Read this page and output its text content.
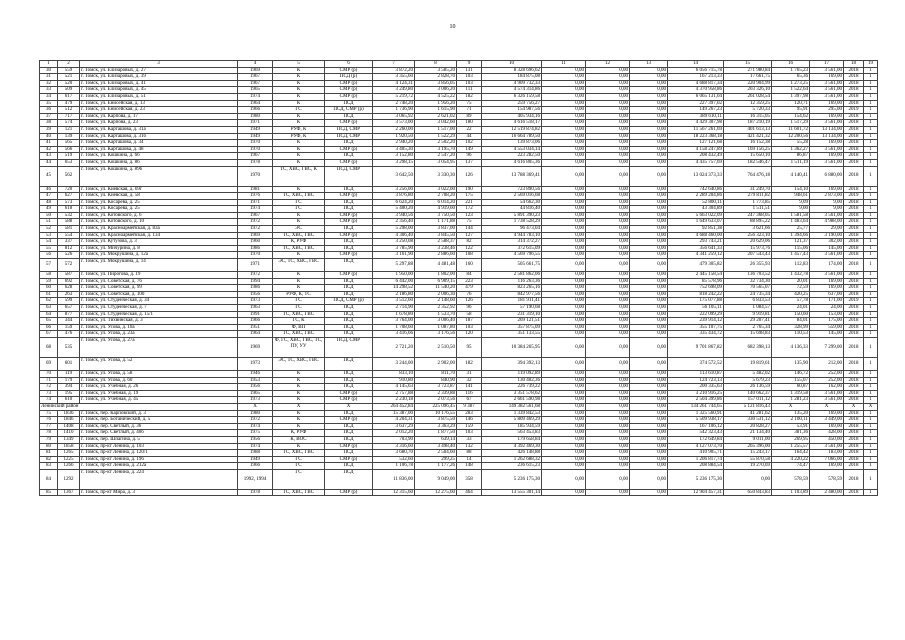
10
1	2	3	4	5	6	7	8	9	10	11	12	13	14	15	16	17	18	19
30	559	г. Томск, ул. Елизаровых, д. 27	1969	К	СМР (р)	3 872,20	3 585,20	131	8 328 696,62	0,00	0,00	0,00	6 056 715,78	271 980,84	1 765,23	3 561,00	2018	1
31	521	г. Томск, ул. Елизаровых, д. 39	1967	К	ПСД (р)	3 355,60	2 828,70	103	184 875,08	0,00	0,00	0,00	167 213,33	17 661,75	65,36	169,00	2018	1
32	520	г. Томск, ул. Елизаровых, д. 41	1967	К	СМР (р)	4 124,31	3 856,05	103	4 909 732,33	0,00	0,00	0,00	4 688 817,34	220 904,99	1 273,25	3 561,00	2018	1
33	509	г. Томск, ул. Елизаровых, д. 45	1965	К	СМР (р)	3 249,80	3 006,20	111	4 574 314,86	0,00	0,00	0,00	4 370 958,86	203 326,10	1 522,64	3 561,00	2018	1
34	617	г. Томск, ул. Елизаровых, д. 51	1974	К	СМР (р)	5 219,72	4 525,22	182	6 326 159,58	0,00	0,00	0,00	6 065 131,04	261 028,54	1 397,98	3 561,00	2018	1
35	479	г. Томск, ул. Енисейская, д. 13	1964	К	ПСД	2 748,20	1 956,20	75	259 756,27	0,00	0,00	0,00	227 397,02	12 359,25	120,71	169,00	2018	1
36	512	г. Томск, ул. Енисейская, д. 23	1966	ГС	ПСД, СМР (р)	1 736,90	1 615,90	71	154 987,56	0,00	0,00	0,00	149 267,23	5 720,33	95,91	295,00	2019	1
37	717	г. Томск, ул. Карпова, д. 17	1980	К	ПСД	3 065,92	2 621,02	89	405 934,16	0,00	0,00	0,00	389 610,11	16 315,05	154,62	169,00	2018	1
38	574	г. Томск, ул. Карпова, д. 23	1971	К	СМР (р)	3 573,00	3 042,60	180	4 616 518,17	0,00	0,00	0,00	4 429 307,98	187 210,19	1 517,29	3 561,00	2018	1
39	121	г. Томск, ул. Карташова, д. 31а	1949	РУФ, К	ПСД, СМР	2 260,00	1 517,00	22	12 519 874,82	0,00	0,00	0,00	11 567 261,69	401 613,13	11 601,72	13 134,00	2018	1
40	139	г. Томск, ул. Карташова, д. 31б	1949	РУФ, К	ПСД, СМР	1 920,50	1 522,29	44	16 664 789,50	0,00	0,00	0,00	18 223 368,18	421 421,32	12 200,56	13 134,00	2018	1
41	565	г. Томск, ул. Карташова, д. 34	1970	К	ПСД	2 940,20	2 502,20	102	139 873,06	0,00	0,00	0,00	127 121,68	16 152,38	55,28	169,00	2018	1
42	566	г. Томск, ул. Карташова, д. 48	1970	К	СМР (р)	3 405,30	3 195,70	149	4 553 034,14	0,00	0,00	0,00	4 158 247,89	169 156,25	1 362,27	3 561,00	2018	1
43	519	г. Томск, ул. Кошкина, д. 66	1967	К	ПСД	3 152,80	2 547,20	96	223 282,50	0,00	0,00	0,00	208 432,49	15 650,10	86,87	169,00	2018	1
44	653	г. Томск, ул. Кошкина, д. 86	1978	К	СМР (р)	3 298,15	3 054,95	137	4 616 805,36	0,00	0,00	0,00	4 435 757,69	182 546,47	1 511,19	3 561,00	2018	1
45	562	г. Томск, ул. Кошкина, д. 89б	1970	ТС, ХВС, ГВС, К	ПСД, СМР	3 642,50	3 330,30	126	13 788 369,41	0,00	0,00	0,00	13 024 373,33	764 476,18	4 140,41	6 880,00	2018	1
46	720	г. Томск, ул. Киевская, д. 69г	1981	К	ПСД	3 256,00	3 022,00	190	723 890,56	0,00	0,00	0,00	742 640,86	31 249,70	154,10	169,00	2018	1
47	627	г. Томск, ул. Киевская, д. 58	1976	ТС, ХВС, ГВС	СМР (р)	3 876,80	2 708,20	175	2 569 016,68	0,00	0,00	0,00	2 289 204,86	279 811,82	948,61	2 873,00	2019	1
48	573	г. Томск, ул. Косарева, д. 25	1971	ГС	ПСД	6 624,20	6 014,20	221	54 662,30	0,00	0,00	0,00	52 800,11	1 773,85	9,09	9,00	2018	1
49	618	г. Томск, ул. Косарева, д. 25	1974	ГС	ПСД	5 400,20	4 919,60	172	44 816,40	0,00	0,00	0,00	43 304,89	1 511,51	9,00	9,00	2018	1
50	532	г. Томск, ул. Котовского, д. 6	1967	К	СМР (р)	3 940,56	3 750,50	123	5 891 390,23	0,00	0,00	0,00	5 663 022,09	247 368,05	1 581,58	3 561,00	2018	1
51	588	г. Томск, ул. Котовского, д. 10	1972	К	СМР (р)	2 356,40	1 171,88	75	1 738 528,29	0,00	0,00	0,00	1 649 633,07	88 895,22	1 483,64	4 988,00	2018	1
52	581	г. Томск, ул. Красноармейская, д. 83а	1972	ЭС	ПСД	5 298,00	3 837,00	144	96 473,04	0,00	0,00	0,00	92 851,38	3 621,66	25,77	29,00	2018	1
53	554	г. Томск, ул. Красноармейская, д. 134	1969	ТС, ХВС, ГВС	СМР (р)	4 306,40	3 845,50	127	4 944 783,10	0,00	0,00	0,00	4 688 460,00	256 323,10	1 394,66	3 190,00	2018	1
54	337	г. Томск, ул. Кутузова, д. 3	1960	К, РУФ	ПСД	3 250,08	2 588,37	82	314 372,27	0,00	0,00	0,00	293 743,21	20 629,06	121,37	302,00	2018	1
55	812	г. Томск, ул. Мичурина, д. 8	1986	ТС, ХВС, ГВС	ПСД	3 785,90	3 238,46	122	372 615,09	0,00	0,00	0,00	356 641,33	15 973,76	115,06	145,00	2018	1
56	526	г. Томск, ул. Мокрушина, д. 12а	1970	К	СМР (р)	3 161,90	2 886,60	108	4 569 796,55	0,00	0,00	0,00	4 341 259,12	207 543,43	1 457,43	3 561,00	2018	1
57	572	г. Томск, ул. Мокрушина, д. 14	1971	ЭС, ТС, ХВС, ГВС	ПСД	5 297,88	4 481,48	160	505 661,75	0,00	0,00	0,00	479 305,82	26 355,93	112,83	174,00	2018	1
58	587	г. Томск, ул. Пирогова, д. 19	1972	К	СМР (р)	1 950,00	1 802,00	84	2 581 862,06	0,00	0,00	0,00	2 445 158,54	136 703,52	1 432,78	3 561,00	2018	1
59	692	г. Томск, ул. Советская, д. 76	1994	К	ПСД	6 442,00	6 909,15	223	116 263,36	0,00	0,00	0,00	85 578,96	32 734,30	20,01	169,00	2018	1
60	628	г. Томск, ул. Советская, д. 99	1986	К	ПСД	14 298,52	11 540,20	479	823 265,16	0,00	0,00	0,00	752 698,09	70 565,07	72,59	169,00	2018	1
61	263	г. Томск, ул. Советская, д. 100	1956	РУФ, К, ТС	ПСД	2 186,80	2 006,30	76	842 977,56	0,00	0,00	0,00	818 242,22	24 735,34	420,25	637,00	2018	1
62	599	г. Томск, ул. Студенческая, д. 34	1973	ГС	ПСД, СМР (р)	3 512,60	2 148,60	126	181 911,41	0,00	0,00	0,00	175 077,88	6 833,53	57,78	171,00	2019	1
63	657	г. Томск, ул. Студенческая, д. 7	1963	ГС	ПСД	2 714,90	2 352,92	96	57 190,68	0,00	0,00	0,00	56 105,11	1 084,57	24,01	24,00	2018	1
64	877	г. Томск, ул. Студенческая, д. 15/1	1991	ТС, ХВС, ГВС	ПСД	1 678,80	1 533,70	58	231 319,10	0,00	0,00	0,00	222 099,29	9 919,81	150,60	153,00	2018	1
65	344	г. Томск, ул. Тихвинская, д. 3	1966	ГС, К	ПСД	3 764,00	3 006,40	187	269 121,51	0,00	0,00	0,00	239 914,12	29 207,41	84,01	175,00	2018	1
66	159	г. Томск, ул. Усова, д. 10а	1951	Ф, ВП	ПСД	1 708,60	1 087,80	103	357 875,09	0,00	0,00	0,00	355 107,75	2 765,34	328,99	559,00	2018	1
67	476	г. Томск, ул. Усова, д. 23а	1964	ТС, ХВС, ГВС	ПСД	3 416,66	3 176,56	120	351 133,55	0,00	0,00	0,00	335 434,72	15 698,83	110,53	145,00	2018	1
68	535	г. Томск, ул. Усова, д. 27а	1969	Ф, ГС, ХВС, ГВС, ТС, ПУ, УУ	ПСД, СМР	2 721,20	2 510,50	95	10 384 265,95	0,00	0,00	0,00	9 701 867,82	682 398,13	4 136,33	7 299,00	2018	1
69	601	г. Томск, ул. Усова, д. 52	1973	ЭС, ТС, ХВС, ГВС	ПСД	3 244,00	2 902,00	182	394 392,13	0,00	0,00	0,00	374 572,52	19 819,61	135,90	212,00	2018	1
70	119	г. Томск, ул. Усова, д. 58	1946	К	ПСД	833,10	811,70	31	119 092,89	0,00	0,00	0,00	113 610,87	5 482,02	146,72	252,00	2018	1
71	179	г. Томск, ул. Усова, д. 60	1953	К	ПСД	910,80	840,90	32	130 402,36	0,00	0,00	0,00	124 723,13	5 679,23	155,07	252,00	2018	1
72	394	г. Томск, ул. Учебная, д. 26	1956	К	ПСД	4 145,63	3 723,87	141	226 739,22	0,00	0,00	0,00	200 335,63	26 136,59	60,87	162,00	2018	1
73	195	г. Томск, ул. Учебная, д. 19	1965	К	СМР (р)	2 757,88	2 339,88	116	3 351 578,62	0,00	0,00	0,00	3 210 916,25	140 662,37	1 319,58	3 561,00	2018	1
74	610	г. Томск, ул. Учебная, д. 45	1973	К	СМР (р)	2 230,18	2 073,56	67	2 661 590,98	0,00	0,00	0,00	2 504 399,86	157 011,12	1 281,23	3 561,00	2018	1
Ленинский район			X	X	X	264 452,84	225 096,45	9 387	149 382 561,68	0,00	0,00	0,00	134 261 744,65	5 121 816,43	X	X	X	X
75	1836	г. Томск, пер. Карповский, д. 3	1980	К	ПСД	15 387,00	10 176,55	283	1 339 842,53	0,00	0,00	0,00	1 325 560,91	41 281,62	135,20	169,00	2018	1
76	1846	г. Томск, пер. Ботанический, д. 5	1972	К	СМР (р)	4 204,31	3 875,50	146	5 809 469,29	0,00	0,00	0,00	5 509 938,17	330 531,12	2 100,11	3 449,00	2018	1
77	1408	г. Томск, пер. Светлый, д. 36	1974	К	ПСД	3 637,29	3 363,29	159	185 934,59	0,00	0,00	0,00	167 106,12	20 828,27	53,91	169,00	2018	1
78	1410	г. Томск, пер. Светлый, д. 40б	1975	К, РУФ	ПСД	2 012,20	1 877,50	103	563 453,83	0,00	0,00	0,00	542 323,43	21 134,40	381,36	428,00	2018	1
79	1349	г. Томск, пер. Шпагина, д. 5	1956	К, ВОС	ПСД	703,90	639,14	33	179 658,84	0,00	0,00	0,00	172 649,84	9 011,00	269,95	450,00	2018	1
80	1858	г. Томск, пр-кт Ленина, д. 103	1974	К	СМР (р)	3 316,60	3 498,40	132	4 392 469,30	0,00	0,00	0,00	4 127 073,70	265 396,00	1 255,57	3 561,00	2018	1
81	1265	г. Томск, пр-кт Ленина, д. 120/1	1988	ТС, ХВС, ГВС	ПСД	3 680,70	2 504,60	88	426 148,88	0,00	0,00	0,00	410 905,71	15 243,17	164,42	183,00	2018	1
82	1225	г. Томск, пр-кт Ленина, д. 196	1949	ГС	СМР (р)	532,60	299,25	14	1 262 688,32	0,00	0,00	0,00	1 206 817,74	55 870,58	4 220,22	7 066,00	2018	1
83	1266	г. Томск, пр-кт Ленина, д. 212а	1966	ГС	ПСД	1 106,78	1 177,26	148	236 615,23	0,00	0,00	0,00	208 884,54	19 270,69	74,47	169,00	2018	1
84	1292	г. Томск, пр-кт Ленина, д. 224	1992, 1994	ГС	ПСД	11 836,00	9 049,00	358	5 236 175,30	0,00	0,00	0,00	5 236 175,30	0,00	578,59	578,59	2018	1
85	1367	г. Томск, пр-кт Мира, д. 3	1978	ТС, ХВС, ГВС	СМР (р)	12 315,60	12 275,60	464	13 555 301,14	0,00	0,00	0,00	12 904 457,31	650 843,83	1 103,89	2 480,00	2018	1
